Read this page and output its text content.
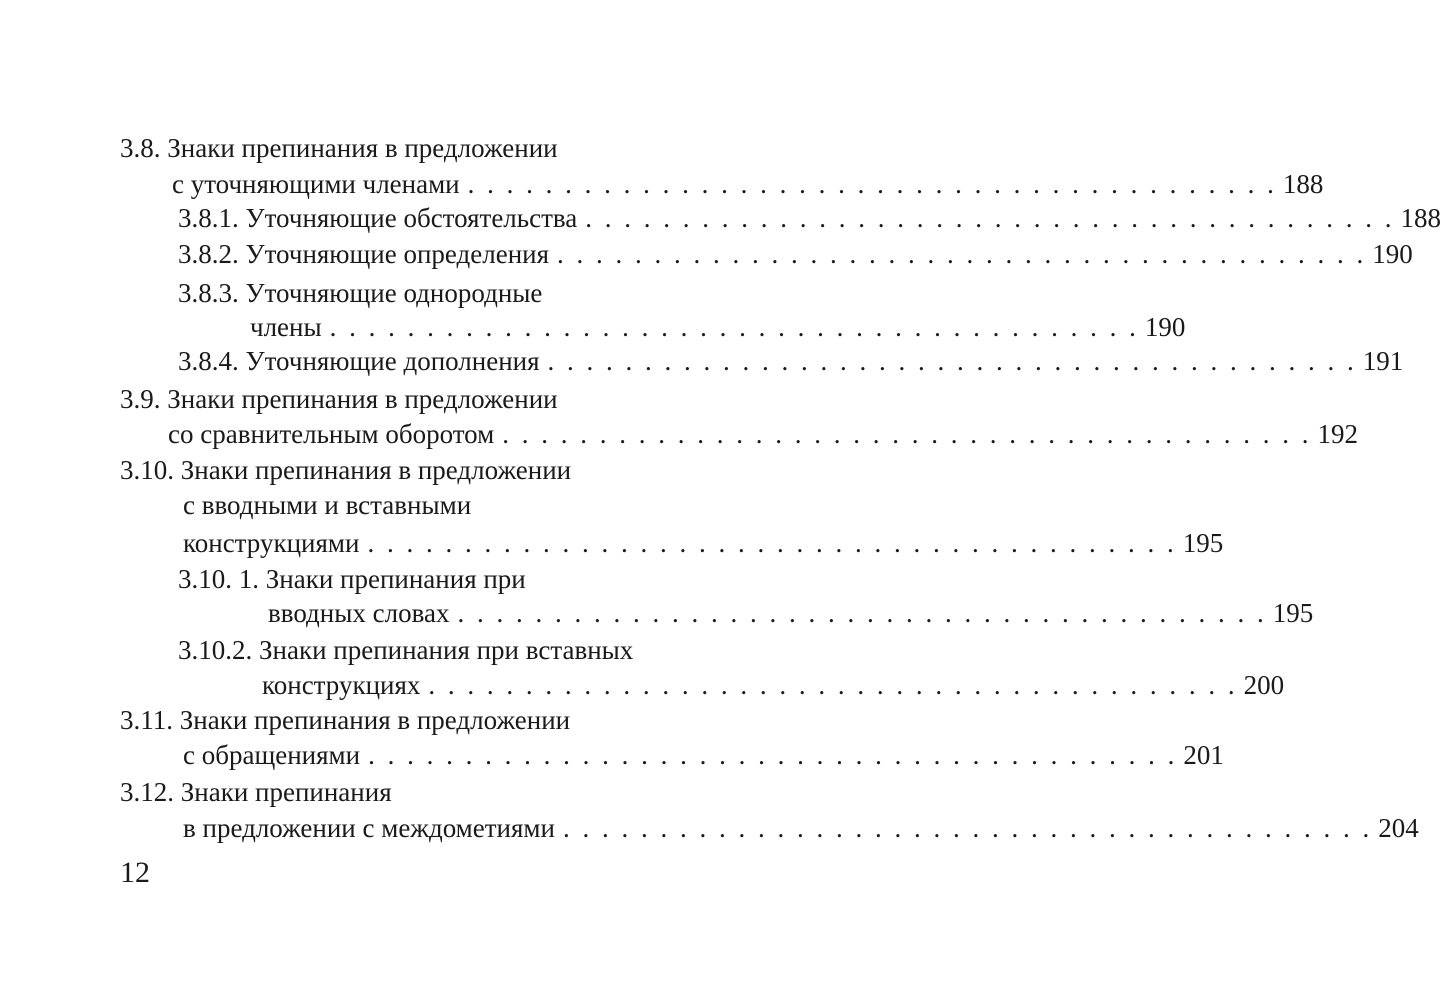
3.8. Знаки препинания в предложении
с уточняющими членами . . . . . . . . . . . . . . . . . . . . . . . . . . . . . . . . . . . . . . . . . . 188
3.8.1. Уточняющие обстоятельства . . . . . . . . . . . . . . . . . . . . . . . . . . . . . . . . . . . . . . . . . . 188
3.8.2. Уточняющие определения . . . . . . . . . . . . . . . . . . . . . . . . . . . . . . . . . . . . . . . . . . 190
3.8.3. Уточняющие однородные
члены . . . . . . . . . . . . . . . . . . . . . . . . . . . . . . . . . . . . . . . . . . 190
3.8.4. Уточняющие дополнения . . . . . . . . . . . . . . . . . . . . . . . . . . . . . . . . . . . . . . . . . . 191
3.9. Знаки препинания в предложении
со сравнительным оборотом . . . . . . . . . . . . . . . . . . . . . . . . . . . . . . . . . . . . . . . . . . 192
3.10. Знаки препинания в предложении
с вводными и вставными
конструкциями . . . . . . . . . . . . . . . . . . . . . . . . . . . . . . . . . . . . . . . . . . 195
3.10. 1. Знаки препинания при
вводных словах . . . . . . . . . . . . . . . . . . . . . . . . . . . . . . . . . . . . . . . . . . 195
3.10.2. Знаки препинания при вставных
конструкциях . . . . . . . . . . . . . . . . . . . . . . . . . . . . . . . . . . . . . . . . . . 200
3.11. Знаки препинания в предложении
с обращениями . . . . . . . . . . . . . . . . . . . . . . . . . . . . . . . . . . . . . . . . . . 201
3.12. Знаки препинания
в предложении с междометиями . . . . . . . . . . . . . . . . . . . . . . . . . . . . . . . . . . . . . . . . . . 204
12
